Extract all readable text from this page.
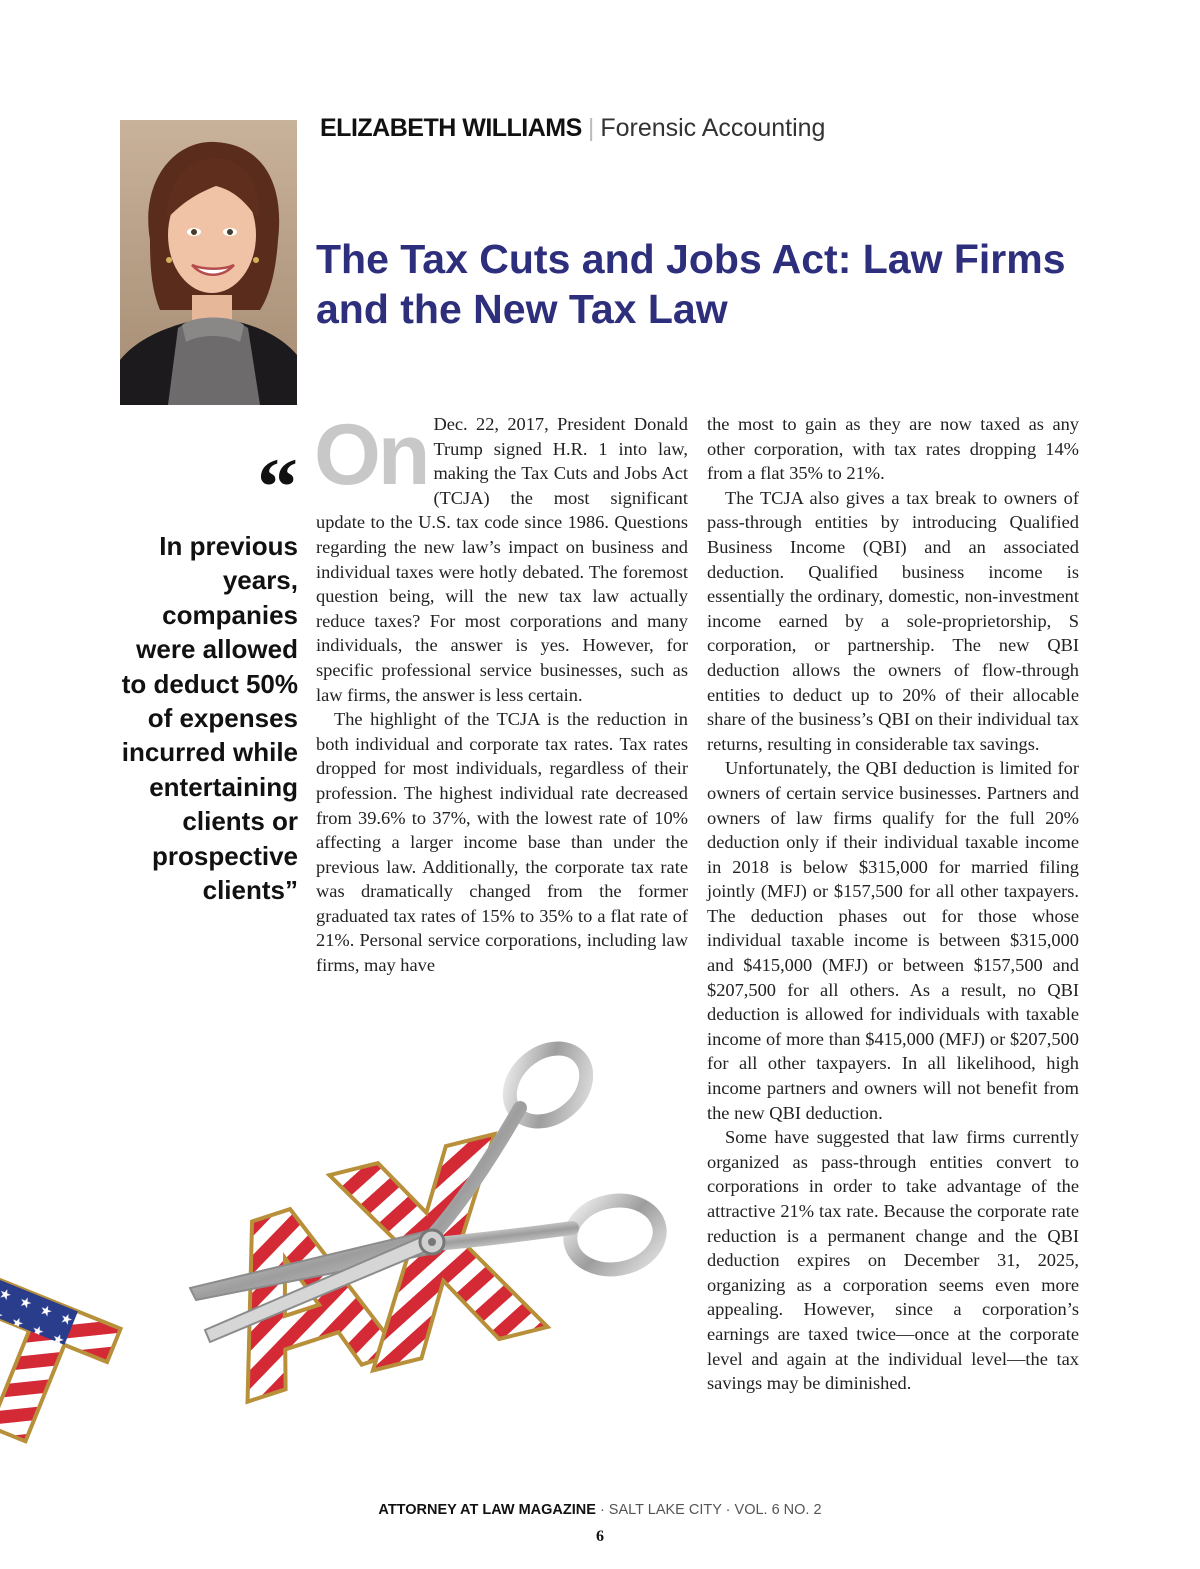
ELIZABETH WILLIAMS | Forensic Accounting
The Tax Cuts and Jobs Act: Law Firms and the New Tax Law
“

In previous years, companies were allowed to deduct 50% of expenses incurred while entertaining clients or prospective clients”

On Dec. 22, 2017, President Donald Trump signed H.R. 1 into law, making the Tax Cuts and Jobs Act (TCJA) the most significant update to the U.S. tax code since 1986. Questions regarding the new law’s impact on business and individual taxes were hotly debated. The foremost question being, will the new tax law actually reduce taxes? For most corporations and many individuals, the answer is yes. However, for specific professional service businesses, such as law firms, the answer is less certain.

The highlight of the TCJA is the reduction in both individual and corporate tax rates. Tax rates dropped for most individuals, regardless of their profession. The highest individual rate decreased from 39.6% to 37%, with the lowest rate of 10% affecting a larger income base than under the previous law. Additionally, the corporate tax rate was dramatically changed from the former graduated tax rates of 15% to 35% to a flat rate of 21%. Personal service corporations, including law firms, may have

the most to gain as they are now taxed as any other corporation, with tax rates dropping 14% from a flat 35% to 21%.

The TCJA also gives a tax break to owners of pass-through entities by introducing Qualified Business Income (QBI) and an associated deduction. Qualified business income is essentially the ordinary, domestic, non-investment income earned by a sole-proprietorship, S corporation, or partnership. The new QBI deduction allows the owners of flow-through entities to deduct up to 20% of their allocable share of the business’s QBI on their individual tax returns, resulting in considerable tax savings.

Unfortunately, the QBI deduction is limited for owners of certain service businesses. Partners and owners of law firms qualify for the full 20% deduction only if their individual taxable income in 2018 is below $315,000 for married filing jointly (MFJ) or $157,500 for all other taxpayers. The deduction phases out for those whose individual taxable income is between $315,000 and $415,000 (MFJ) or between $157,500 and $207,500 for all others. As a result, no QBI deduction is allowed for individuals with taxable income of more than $415,000 (MFJ) or $207,500 for all other taxpayers. In all likelihood, high income partners and owners will not benefit from the new QBI deduction.

Some have suggested that law firms currently organized as pass-through entities convert to corporations in order to take advantage of the attractive 21% tax rate. Because the corporate rate reduction is a permanent change and the QBI deduction expires on December 31, 2025, organizing as a corporation seems even more appealing. However, since a corporation’s earnings are taxed twice—once at the corporate level and again at the individual level—the tax savings may be diminished.

ATTORNEY AT LAW MAGAZINE · SALT LAKE CITY · VOL. 6 NO. 2
6
